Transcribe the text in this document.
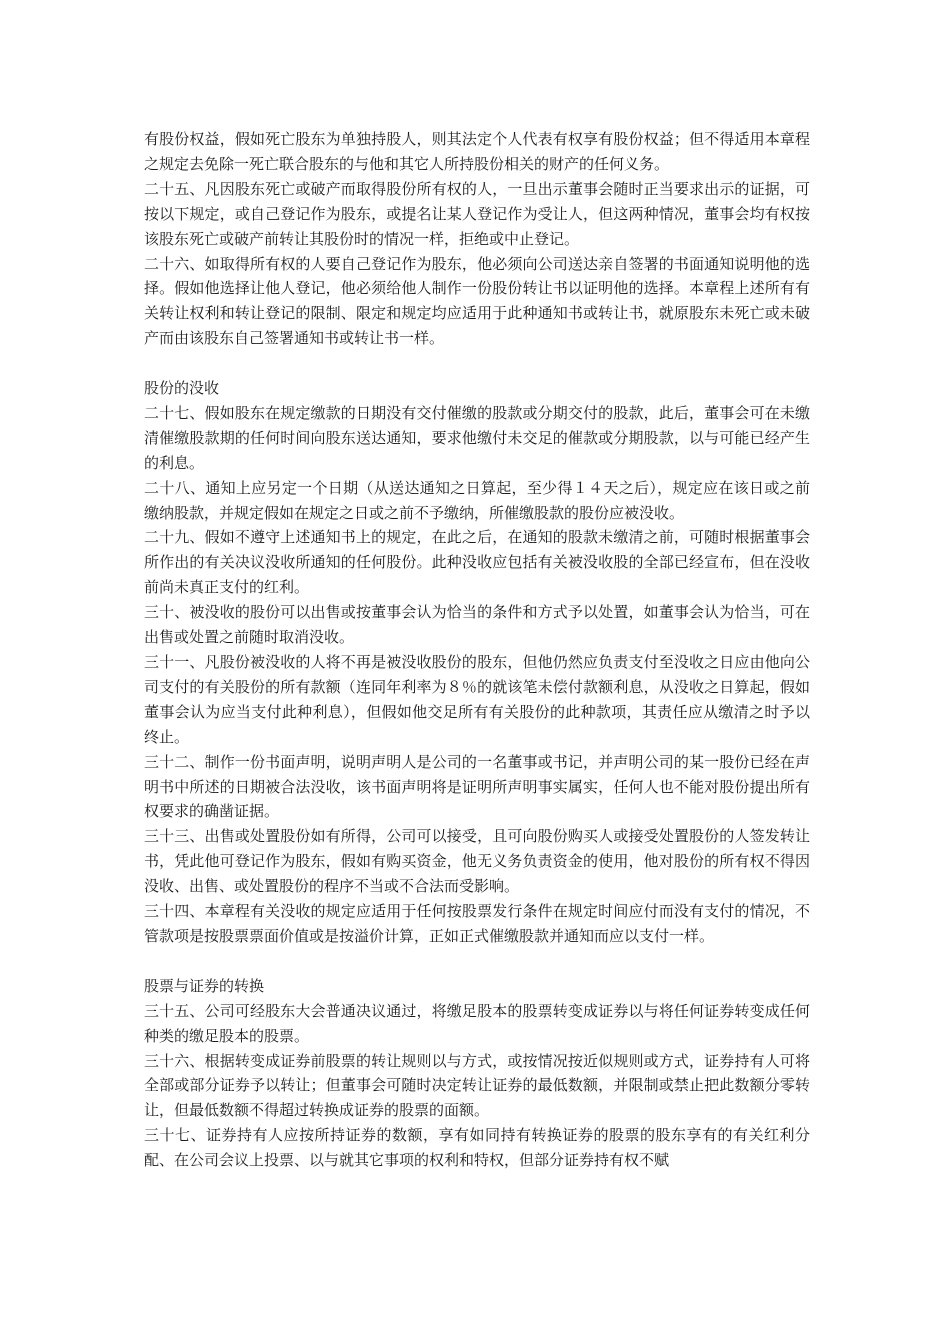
有股份权益，假如死亡股东为单独持股人，则其法定个人代表有权享有股份权益；但不得适用本章程之规定去免除一死亡联合股东的与他和其它人所持股份相关的财产的任何义务。

二十五、凡因股东死亡或破产而取得股份所有权的人，一旦出示董事会随时正当要求出示的证据，可按以下规定，或自己登记作为股东，或提名让某人登记作为受让人，但这两种情况，董事会均有权按该股东死亡或破产前转让其股份时的情况一样，拒绝或中止登记。

二十六、如取得所有权的人要自己登记作为股东，他必须向公司送达亲自签署的书面通知说明他的选择。假如他选择让他人登记，他必须给他人制作一份股份转让书以证明他的选择。本章程上述所有有关转让权利和转让登记的限制、限定和规定均应适用于此种通知书或转让书，就原股东未死亡或未破产而由该股东自己签署通知书或转让书一样。

股份的没收

二十七、假如股东在规定缴款的日期没有交付催缴的股款或分期交付的股款，此后，董事会可在未缴清催缴股款期的任何时间向股东送达通知，要求他缴付未交足的催款或分期股款，以与可能已经产生的利息。

二十八、通知上应另定一个日期（从送达通知之日算起，至少得１４天之后），规定应在该日或之前缴纳股款，并规定假如在规定之日或之前不予缴纳，所催缴股款的股份应被没收。

二十九、假如不遵守上述通知书上的规定，在此之后，在通知的股款未缴清之前，可随时根据董事会所作出的有关决议没收所通知的任何股份。此种没收应包括有关被没收股的全部已经宣布，但在没收前尚未真正支付的红利。

三十、被没收的股份可以出售或按董事会认为恰当的条件和方式予以处置，如董事会认为恰当，可在出售或处置之前随时取消没收。

三十一、凡股份被没收的人将不再是被没收股份的股东，但他仍然应负责支付至没收之日应由他向公司支付的有关股份的所有款额（连同年利率为８％的就该笔未偿付款额利息，从没收之日算起，假如董事会认为应当支付此种利息），但假如他交足所有有关股份的此种款项，其责任应从缴清之时予以终止。

三十二、制作一份书面声明，说明声明人是公司的一名董事或书记，并声明公司的某一股份已经在声明书中所述的日期被合法没收，该书面声明将是证明所声明事实属实，任何人也不能对股份提出所有权要求的确凿证据。

三十三、出售或处置股份如有所得，公司可以接受，且可向股份购买人或接受处置股份的人签发转让书，凭此他可登记作为股东，假如有购买资金，他无义务负责资金的使用，他对股份的所有权不得因没收、出售、或处置股份的程序不当或不合法而受影响。

三十四、本章程有关没收的规定应适用于任何按股票发行条件在规定时间应付而没有支付的情况，不管款项是按股票票面价值或是按溢价计算，正如正式催缴股款并通知而应以支付一样。

股票与证券的转换

三十五、公司可经股东大会普通决议通过，将缴足股本的股票转变成证券以与将任何证券转变成任何种类的缴足股本的股票。

三十六、根据转变成证券前股票的转让规则以与方式，或按情况按近似规则或方式，证券持有人可将全部或部分证券予以转让；但董事会可随时决定转让证券的最低数额，并限制或禁止把此数额分零转让，但最低数额不得超过转换成证券的股票的面额。

三十七、证券持有人应按所持证券的数额，享有如同持有转换证券的股票的股东享有的有关红利分配、在公司会议上投票、以与就其它事项的权利和特权，但部分证券持有权不赋
